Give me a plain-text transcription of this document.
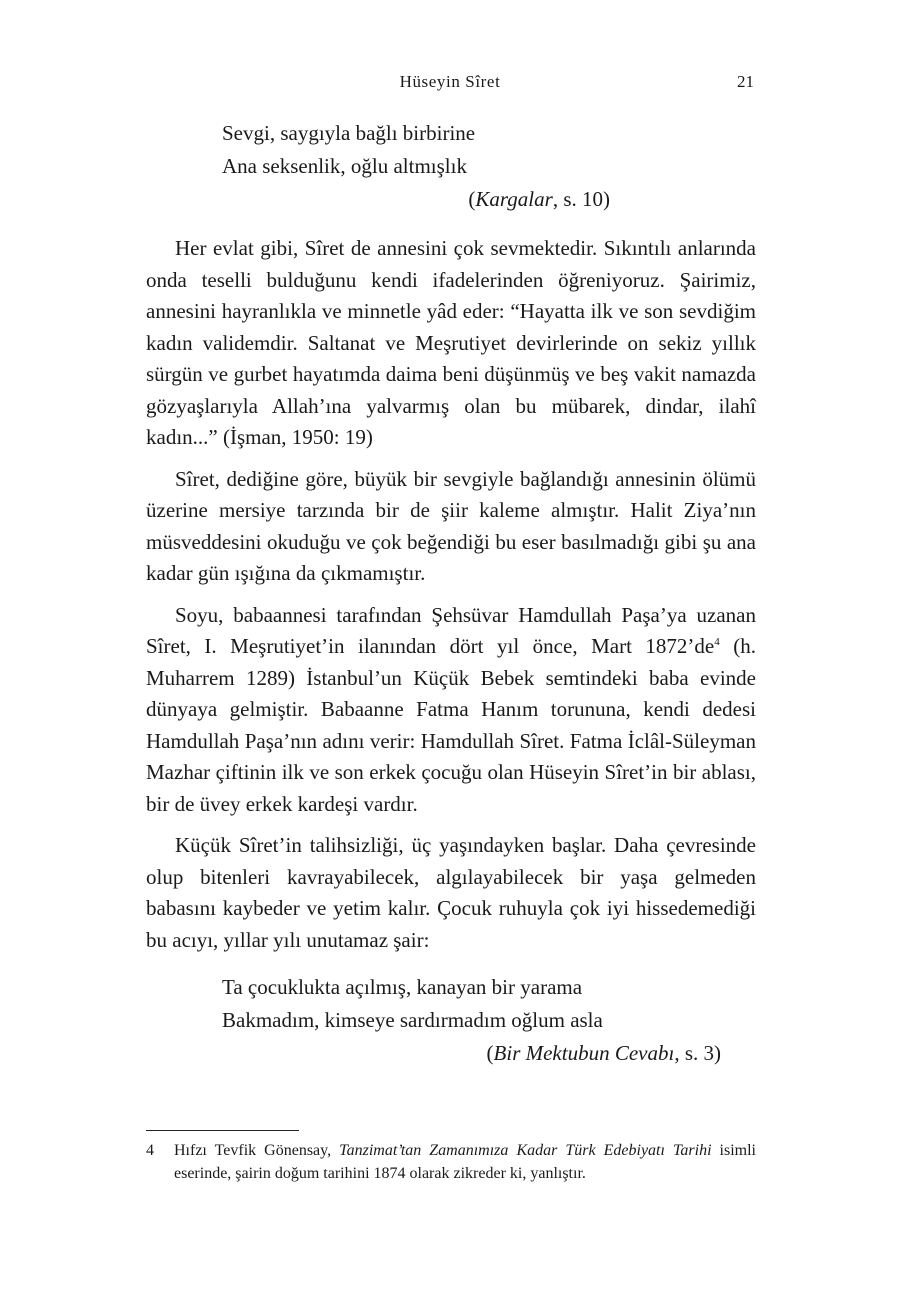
Hüseyin Sîret	21
Sevgi, saygıyla bağlı birbirine
Ana seksenlik, oğlu altmışlık
(Kargalar, s. 10)

Her evlat gibi, Sîret de annesini çok sevmektedir. Sıkıntılı anlarında onda teselli bulduğunu kendi ifadelerinden öğreniyoruz. Şairimiz, annesini hayranlıkla ve minnetle yâd eder: “Hayatta ilk ve son sevdiğim kadın validemdir. Saltanat ve Meşrutiyet devirlerinde on sekiz yıllık sürgün ve gurbet hayatımda daima beni düşünmüş ve beş vakit namazda gözyaşlarıyla Allah’ına yalvarmış olan bu mübarek, dindar, ilahî kadın...” (İşman, 1950: 19)

Sîret, dediğine göre, büyük bir sevgiyle bağlandığı annesinin ölümü üzerine mersiye tarzında bir de şiir kaleme almıştır. Halit Ziya’nın müsveddesini okuduğu ve çok beğendiği bu eser basılmadığı gibi şu ana kadar gün ışığına da çıkmamıştır.

Soyu, babaannesi tarafından Şehsüvar Hamdullah Paşa’ya uzanan Sîret, I. Meşrutiyet’in ilanından dört yıl önce, Mart $1872’de^4$ (h. Muharrem 1289) İstanbul’un Küçük Bebek semtindeki baba evinde dünyaya gelmiştir. Babaanne Fatma Hanım torununa, kendi dedesi Hamdullah Paşa’nın adını verir: Hamdullah Sîret. Fatma İclâl-Süleyman Mazhar çiftinin ilk ve son erkek çocuğu olan Hüseyin Sîret’in bir ablası, bir de üvey erkek kardeşi vardır.

Küçük Sîret’in talihsizliği, üç yaşındayken başlar. Daha çevresinde olup bitenleri kavrayabilecek, algılayabilecek bir yaşa gelmeden babasını kaybeder ve yetim kalır. Çocuk ruhuyla çok iyi hissedemediği bu acıyı, yıllar yılı unutamaz şair:

Ta çocuklukta açılmış, kanayan bir yarama
Bakmadım, kimseye sardırmadım oğlum asla
(Bir Mektubun Cevabı, s. 3)
4 Hıfzı Tevfik Gönensay, Tanzimat’tan Zamanımıza Kadar Türk Edebiyatı Tarihi isimli eserinde, şairin doğum tarihini 1874 olarak zikreder ki, yanlıştır.
